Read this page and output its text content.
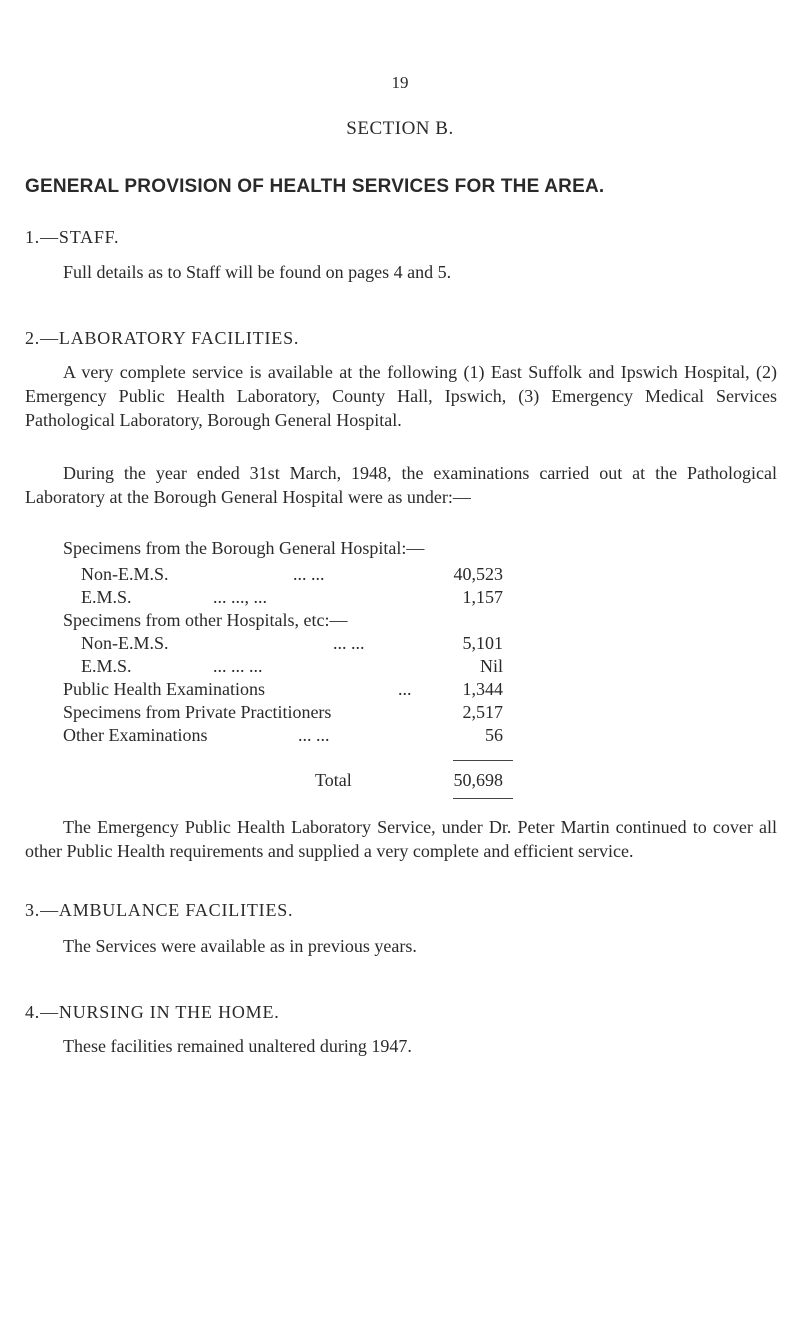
19
SECTION B.
GENERAL PROVISION OF HEALTH SERVICES FOR THE AREA.
1.—STAFF.
Full details as to Staff will be found on pages 4 and 5.
2.—LABORATORY FACILITIES.
A very complete service is available at the following (1) East Suffolk and Ipswich Hospital, (2) Emergency Public Health Laboratory, County Hall, Ipswich, (3) Emergency Medical Services Pathological Laboratory, Borough General Hospital.
During the year ended 31st March, 1948, the examinations carried out at the Pathological Laboratory at the Borough General Hospital were as under:—
Specimens from the Borough General Hospital:—
Non-E.M.S.	... ...	40,523
E.M.S.	... ..., ...	1,157
Specimens from other Hospitals, etc:—
Non-E.M.S.	... ...	5,101
E.M.S.	... ... ...	Nil
Public Health Examinations	...	1,344
Specimens from Private Practitioners	2,517
Other Examinations	... ...	56
Total	50,698
The Emergency Public Health Laboratory Service, under Dr. Peter Martin continued to cover all other Public Health requirements and supplied a very complete and efficient service.
3.—AMBULANCE FACILITIES.
The Services were available as in previous years.
4.—NURSING IN THE HOME.
These facilities remained unaltered during 1947.
